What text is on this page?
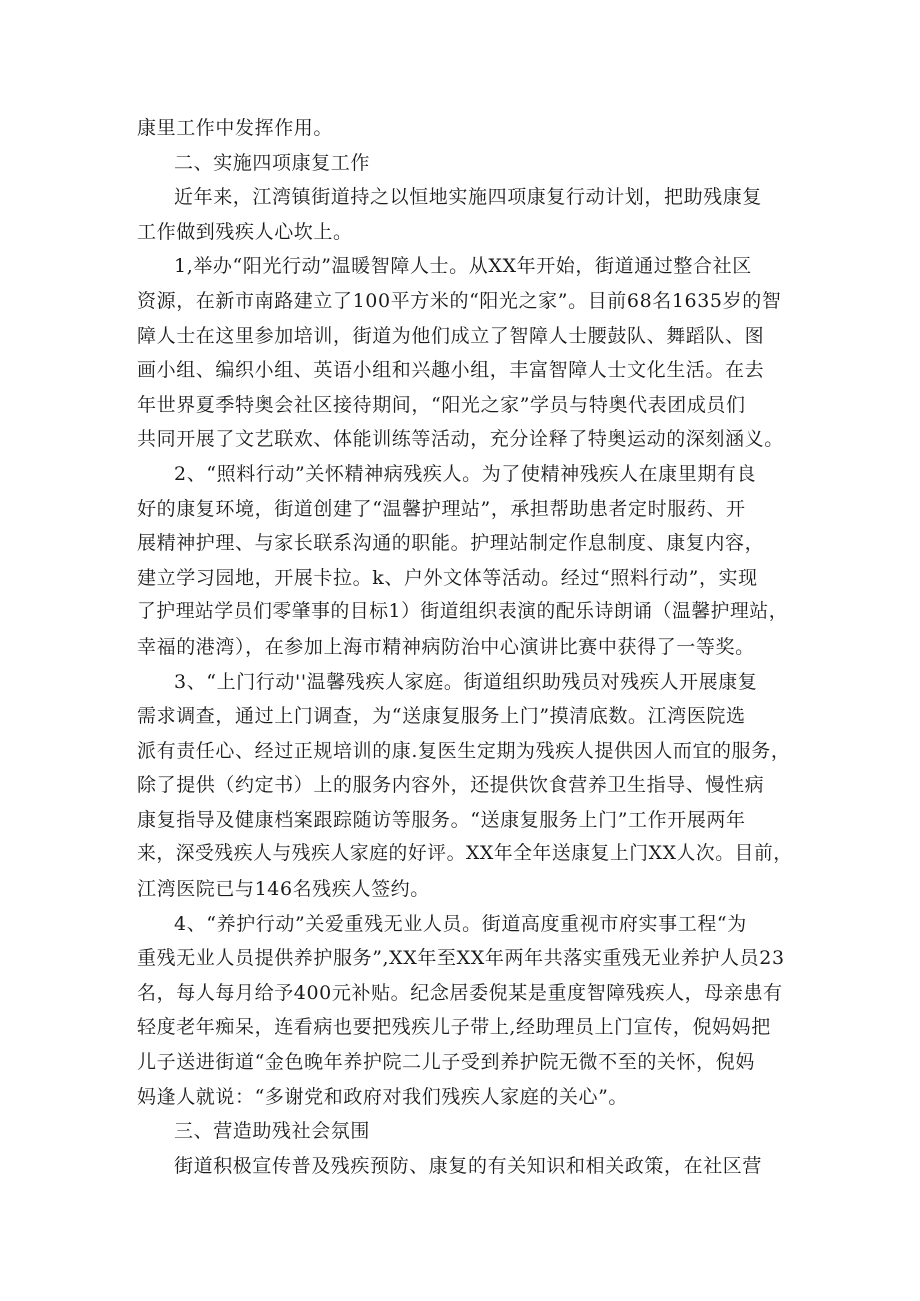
康里工作中发挥作用。
二、实施四项康复工作
近年来，江湾镇街道持之以恒地实施四项康复行动计划，把助残康复
工作做到残疾人心坎上。
1,举办“阳光行动”温暖智障人士。从XX年开始，街道通过整合社区
资源，在新市南路建立了100平方米的“阳光之家”。目前68名1635岁的智
障人士在这里参加培训，街道为他们成立了智障人士腰鼓队、舞蹈队、图
画小组、编织小组、英语小组和兴趣小组，丰富智障人士文化生活。在去
年世界夏季特奥会社区接待期间，“阳光之家”学员与特奥代表团成员们
共同开展了文艺联欢、体能训练等活动，充分诠释了特奥运动的深刻涵义。
2、“照料行动”关怀精神病残疾人。为了使精神残疾人在康里期有良
好的康复环境，街道创建了“温馨护理站”，承担帮助患者定时服药、开
展精神护理、与家长联系沟通的职能。护理站制定作息制度、康复内容，
建立学习园地，开展卡拉。k、户外文体等活动。经过“照料行动”，实现
了护理站学员们零肇事的目标1）街道组织表演的配乐诗朗诵（温馨护理站，
幸福的港湾），在参加上海市精神病防治中心演讲比赛中获得了一等奖。
3、“上门行动''温馨残疾人家庭。街道组织助残员对残疾人开展康复
需求调查，通过上门调查，为“送康复服务上门”摸清底数。江湾医院选
派有责任心、经过正规培训的康.复医生定期为残疾人提供因人而宜的服务，
除了提供（约定书）上的服务内容外，还提供饮食营养卫生指导、慢性病
康复指导及健康档案跟踪随访等服务。“送康复服务上门”工作开展两年
来，深受残疾人与残疾人家庭的好评。XX年全年送康复上门XX人次。目前，
江湾医院已与146名残疾人签约。
4、“养护行动”关爱重残无业人员。街道高度重视市府实事工程“为
重残无业人员提供养护服务”,XX年至XX年两年共落实重残无业养护人员23
名，每人每月给予400元补贴。纪念居委倪某是重度智障残疾人，母亲患有
轻度老年痴呆，连看病也要把残疾儿子带上,经助理员上门宣传，倪妈妈把
儿子送进街道“金色晚年养护院二儿子受到养护院无微不至的关怀，倪妈
妈逢人就说：“多谢党和政府对我们残疾人家庭的关心”。
三、营造助残社会氛围
街道积极宣传普及残疾预防、康复的有关知识和相关政策，在社区营
